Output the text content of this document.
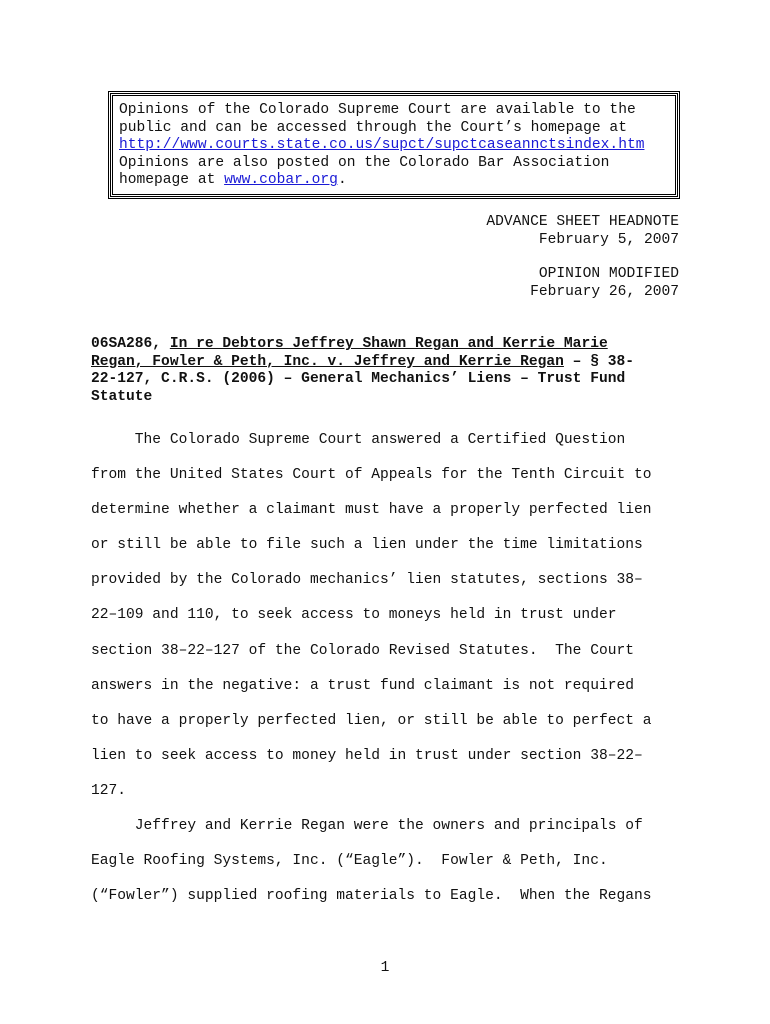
Opinions of the Colorado Supreme Court are available to the
public and can be accessed through the Court’s homepage at
http://www.courts.state.co.us/supct/supctcaseannctsindex.htm
Opinions are also posted on the Colorado Bar Association
homepage at www.cobar.org.
ADVANCE SHEET HEADNOTE
February 5, 2007
OPINION MODIFIED
February 26, 2007
06SA286, In re Debtors Jeffrey Shawn Regan and Kerrie Marie
Regan, Fowler & Peth, Inc. v. Jeffrey and Kerrie Regan – § 38-
22-127, C.R.S. (2006) – General Mechanics’ Liens – Trust Fund
Statute
The Colorado Supreme Court answered a Certified Question
from the United States Court of Appeals for the Tenth Circuit to
determine whether a claimant must have a properly perfected lien
or still be able to file such a lien under the time limitations
provided by the Colorado mechanics’ lien statutes, sections 38–
22–109 and 110, to seek access to moneys held in trust under
section 38–22–127 of the Colorado Revised Statutes.  The Court
answers in the negative: a trust fund claimant is not required
to have a properly perfected lien, or still be able to perfect a
lien to seek access to money held in trust under section 38–22–
127.
Jeffrey and Kerrie Regan were the owners and principals of
Eagle Roofing Systems, Inc. (“Eagle”).  Fowler & Peth, Inc.
(“Fowler”) supplied roofing materials to Eagle.  When the Regans
1
